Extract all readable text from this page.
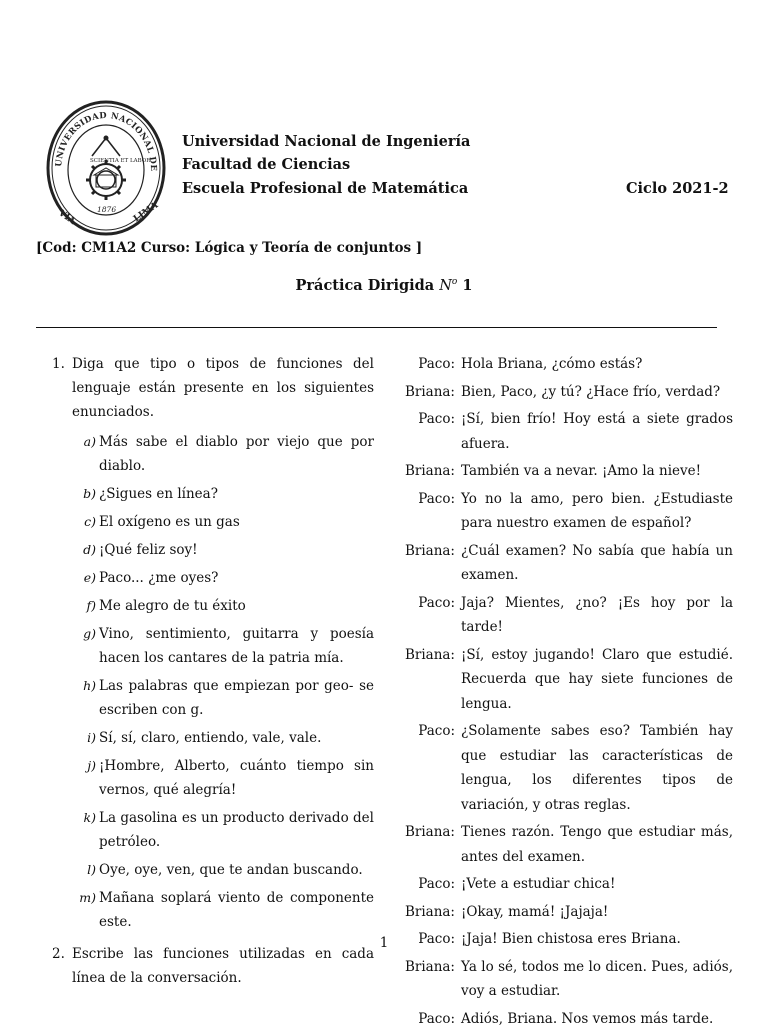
UNIVERSIDAD NACIONAL DE
VIA	LIMA
SCIENTIA ET LABOR
1876
Universidad Nacional de Ingeniería
Facultad de Ciencias
Escuela Profesional de Matemática	Ciclo 2021-2
[Cod: CM1A2 Curso: Lógica y Teoría de conjuntos ]
Práctica Dirigida $N^o$ 1
1. Diga que tipo o tipos de funciones del lenguaje están presente en los siguientes enunciados.
a) Más sabe el diablo por viejo que por diablo.
b) ¿Sigues en línea?
c) El oxígeno es un gas
d) ¡Qué feliz soy!
e) Paco... ¿me oyes?
f) Me alegro de tu éxito
g) Vino, sentimiento, guitarra y poesía hacen los cantares de la patria mía.
h) Las palabras que empiezan por geo- se escriben con g.
i) Sí, sí, claro, entiendo, vale, vale.
j) ¡Hombre, Alberto, cuánto tiempo sin vernos, qué alegría!
k) La gasolina es un producto derivado del petróleo.
l) Oye, oye, ven, que te andan buscando.
m) Mañana soplará viento de componente este.
2. Escribe las funciones utilizadas en cada línea de la conversación.
Paco: Hola Briana, ¿cómo estás?
Briana: Bien, Paco, ¿y tú? ¿Hace frío, verdad?
Paco: ¡Sí, bien frío! Hoy está a siete grados afuera.
Briana: También va a nevar. ¡Amo la nieve!
Paco: Yo no la amo, pero bien. ¿Estudiaste para nuestro examen de español?
Briana: ¿Cuál examen? No sabía que había un examen.
Paco: Jaja? Mientes, ¿no? ¡Es hoy por la tarde!
Briana: ¡Sí, estoy jugando! Claro que estudié. Recuerda que hay siete funciones de lengua.
Paco: ¿Solamente sabes eso? También hay que estudiar las características de lengua, los diferentes tipos de variación, y otras reglas.
Briana: Tienes razón. Tengo que estudiar más, antes del examen.
Paco: ¡Vete a estudiar chica!
Briana: ¡Okay, mamá! ¡Jajaja!
Paco: ¡Jaja! Bien chistosa eres Briana.
Briana: Ya lo sé, todos me lo dicen. Pues, adiós, voy a estudiar.
Paco: Adiós, Briana. Nos vemos más tarde.
1
